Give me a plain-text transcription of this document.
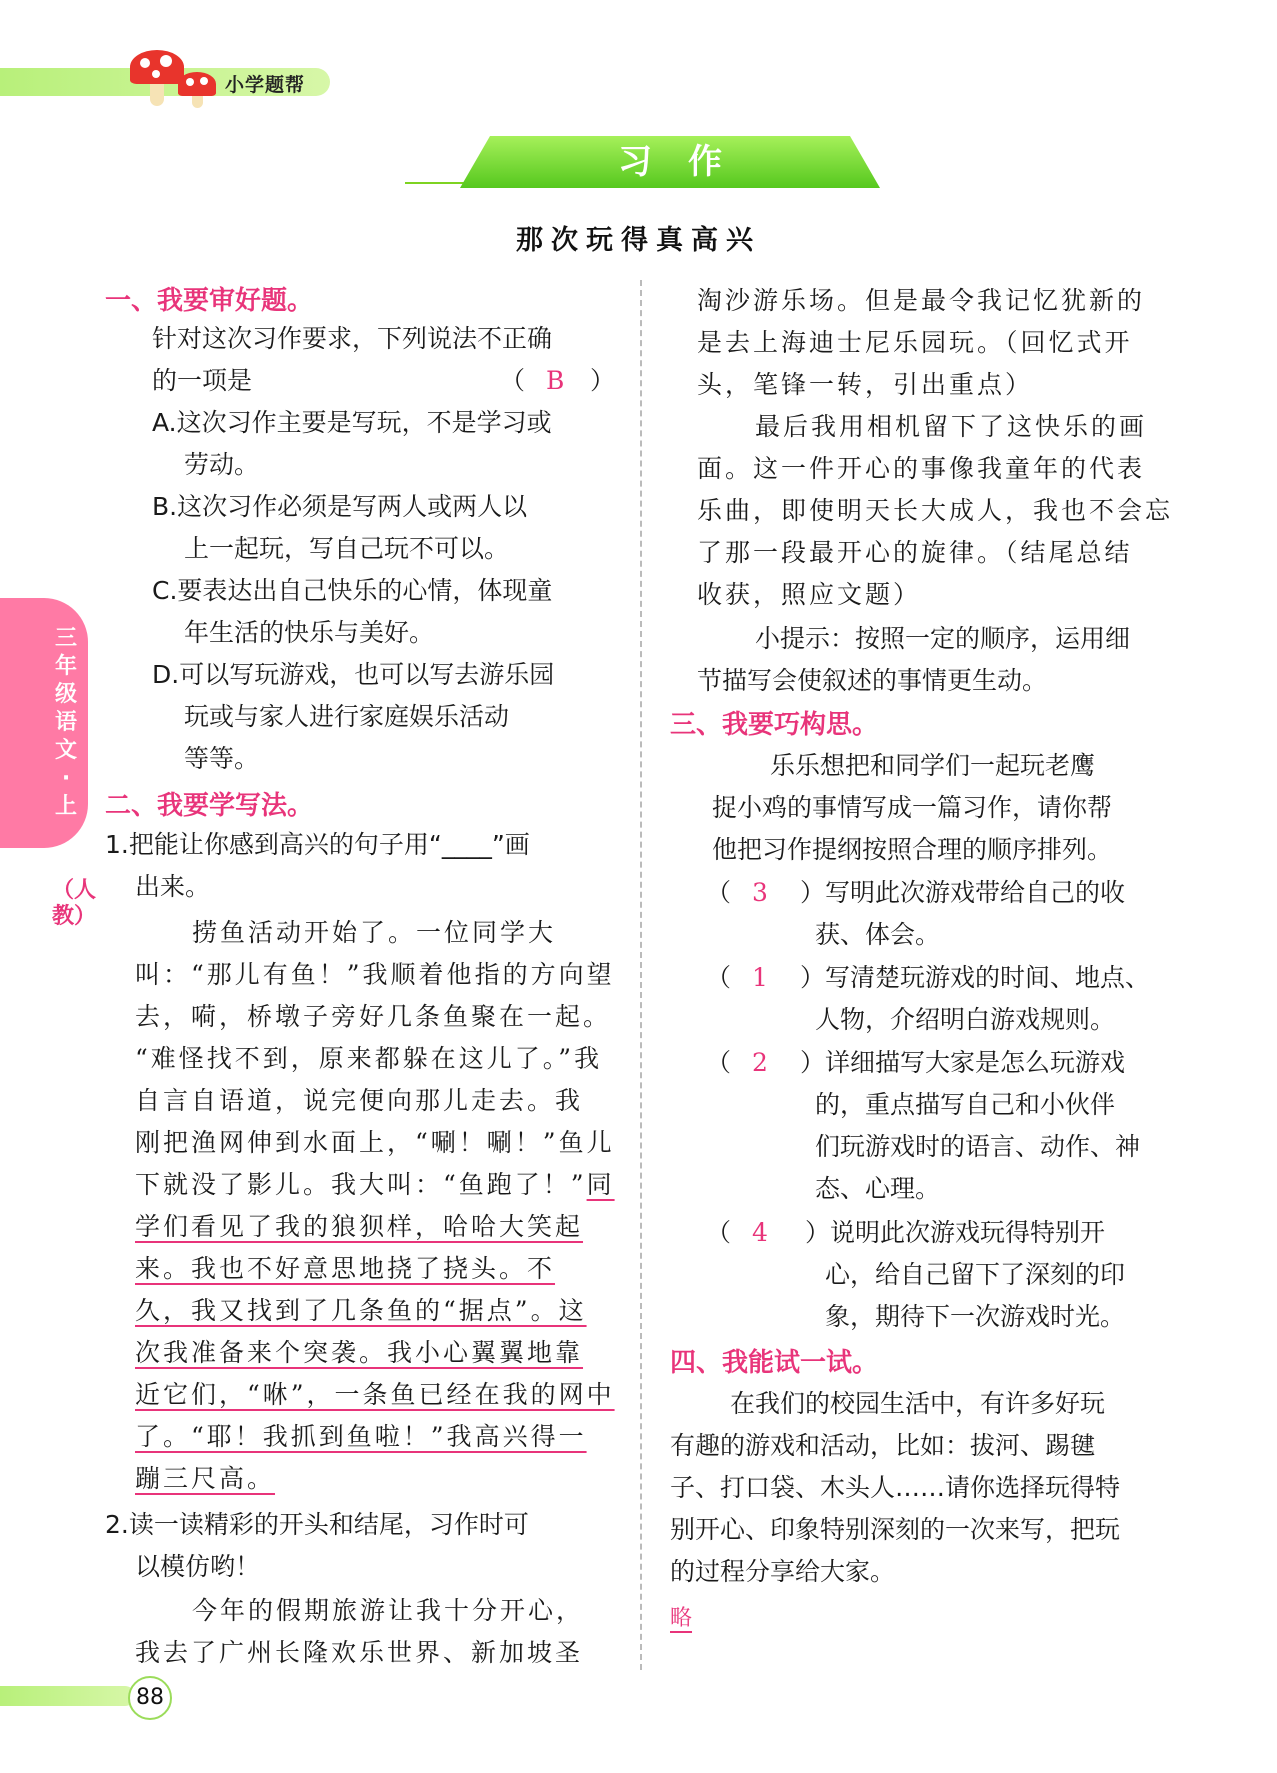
小学题帮
习作
那次玩得真高兴
三年级语文·上
（人教）
一、我要审好题。
针对这次习作要求，下列说法不正确
的一项是	（ B ）
A.这次习作主要是写玩，不是学习或
劳动。
B.这次习作必须是写两人或两人以
上一起玩，写自己玩不可以。
C.要表达出自己快乐的心情，体现童
年生活的快乐与美好。
D.可以写玩游戏，也可以写去游乐园
玩或与家人进行家庭娱乐活动
等等。
二、我要学写法。
1.把能让你感到高兴的句子用“____”画
出来。
捞鱼活动开始了。一位同学大
叫：“那儿有鱼！”我顺着他指的方向望
去，嗬，桥墩子旁好几条鱼聚在一起。
“难怪找不到，原来都躲在这儿了。”我
自言自语道，说完便向那儿走去。我
刚把渔网伸到水面上，“唰！唰！”鱼儿
下就没了影儿。我大叫：“鱼跑了！”同
学们看见了我的狼狈样，哈哈大笑起
来。我也不好意思地挠了挠头。不
久，我又找到了几条鱼的“据点”。这
次我准备来个突袭。我小心翼翼地靠
近它们，“咻”，一条鱼已经在我的网中
了。“耶！我抓到鱼啦！”我高兴得一
蹦三尺高。
2.读一读精彩的开头和结尾，习作时可
以模仿哟！
今年的假期旅游让我十分开心，
我去了广州长隆欢乐世界、新加坡圣
淘沙游乐场。但是最令我记忆犹新的
是去上海迪士尼乐园玩。（回忆式开
头，笔锋一转，引出重点）
最后我用相机留下了这快乐的画
面。这一件开心的事像我童年的代表
乐曲，即使明天长大成人，我也不会忘
了那一段最开心的旋律。（结尾总结
收获，照应文题）
小提示：按照一定的顺序，运用细
节描写会使叙述的事情更生动。
三、我要巧构思。
乐乐想把和同学们一起玩老鹰
捉小鸡的事情写成一篇习作，请你帮
他把习作提纲按照合理的顺序排列。
（ 3 ）写明此次游戏带给自己的收
获、体会。
（ 1 ）写清楚玩游戏的时间、地点、
人物，介绍明白游戏规则。
（ 2 ）详细描写大家是怎么玩游戏
的，重点描写自己和小伙伴
们玩游戏时的语言、动作、神
态、心理。
（ 4 ）说明此次游戏玩得特别开
心，给自己留下了深刻的印
象，期待下一次游戏时光。
四、我能试一试。
在我们的校园生活中，有许多好玩
有趣的游戏和活动，比如：拔河、踢毽
子、打口袋、木头人……请你选择玩得特
别开心、印象特别深刻的一次来写，把玩
的过程分享给大家。
略
88
